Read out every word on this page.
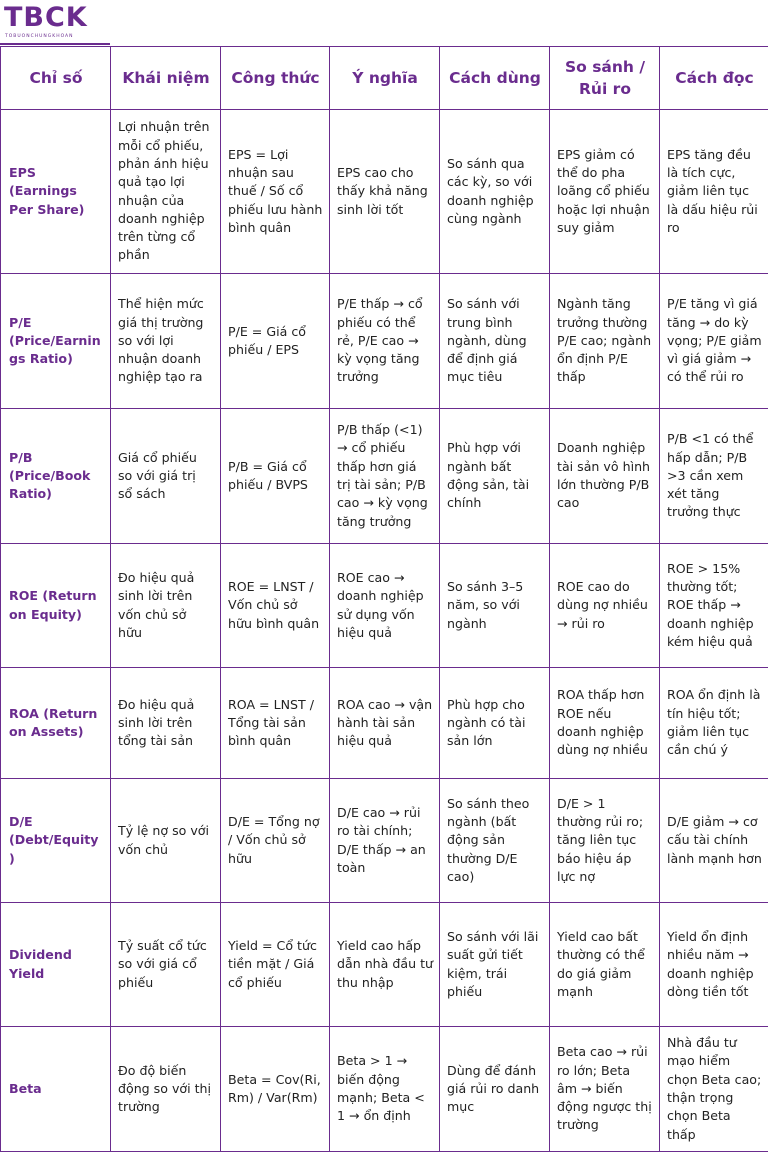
TBCK
TOBUONCHUNGKHOAN
Chỉ số	Khái niệm	Công thức	Ý nghĩa	Cách dùng	So sánh / Rủi ro	Cách đọc
EPS (Earnings Per Share)	Lợi nhuận trên mỗi cổ phiếu, phản ánh hiệu quả tạo lợi nhuận của doanh nghiệp trên từng cổ phần	EPS = Lợi nhuận sau thuế / Số cổ phiếu lưu hành bình quân	EPS cao cho thấy khả năng sinh lời tốt	So sánh qua các kỳ, so với doanh nghiệp cùng ngành	EPS giảm có thể do pha loãng cổ phiếu hoặc lợi nhuận suy giảm	EPS tăng đều là tích cực, giảm liên tục là dấu hiệu rủi ro
P/E (Price/Earnings Ratio)	Thể hiện mức giá thị trường so với lợi nhuận doanh nghiệp tạo ra	P/E = Giá cổ phiếu / EPS	P/E thấp → cổ phiếu có thể rẻ, P/E cao → kỳ vọng tăng trưởng	So sánh với trung bình ngành, dùng để định giá mục tiêu	Ngành tăng trưởng thường P/E cao; ngành ổn định P/E thấp	P/E tăng vì giá tăng → do kỳ vọng; P/E giảm vì giá giảm → có thể rủi ro
P/B (Price/Book Ratio)	Giá cổ phiếu so với giá trị sổ sách	P/B = Giá cổ phiếu / BVPS	P/B thấp (<1) → cổ phiếu thấp hơn giá trị tài sản; P/B cao → kỳ vọng tăng trưởng	Phù hợp với ngành bất động sản, tài chính	Doanh nghiệp tài sản vô hình lớn thường P/B cao	P/B <1 có thể hấp dẫn; P/B >3 cần xem xét tăng trưởng thực
ROE (Return on Equity)	Đo hiệu quả sinh lời trên vốn chủ sở hữu	ROE = LNST / Vốn chủ sở hữu bình quân	ROE cao → doanh nghiệp sử dụng vốn hiệu quả	So sánh 3–5 năm, so với ngành	ROE cao do dùng nợ nhiều → rủi ro	ROE > 15% thường tốt; ROE thấp → doanh nghiệp kém hiệu quả
ROA (Return on Assets)	Đo hiệu quả sinh lời trên tổng tài sản	ROA = LNST / Tổng tài sản bình quân	ROA cao → vận hành tài sản hiệu quả	Phù hợp cho ngành có tài sản lớn	ROA thấp hơn ROE nếu doanh nghiệp dùng nợ nhiều	ROA ổn định là tín hiệu tốt; giảm liên tục cần chú ý
D/E (Debt/Equity)	Tỷ lệ nợ so với vốn chủ	D/E = Tổng nợ / Vốn chủ sở hữu	D/E cao → rủi ro tài chính; D/E thấp → an toàn	So sánh theo ngành (bất động sản thường D/E cao)	D/E > 1 thường rủi ro; tăng liên tục báo hiệu áp lực nợ	D/E giảm → cơ cấu tài chính lành mạnh hơn
Dividend Yield	Tỷ suất cổ tức so với giá cổ phiếu	Yield = Cổ tức tiền mặt / Giá cổ phiếu	Yield cao hấp dẫn nhà đầu tư thu nhập	So sánh với lãi suất gửi tiết kiệm, trái phiếu	Yield cao bất thường có thể do giá giảm mạnh	Yield ổn định nhiều năm → doanh nghiệp dòng tiền tốt
Beta	Đo độ biến động so với thị trường	Beta = Cov(Ri, Rm) / Var(Rm)	Beta > 1 → biến động mạnh; Beta < 1 → ổn định	Dùng để đánh giá rủi ro danh mục	Beta cao → rủi ro lớn; Beta âm → biến động ngược thị trường	Nhà đầu tư mạo hiểm chọn Beta cao; thận trọng chọn Beta thấp
